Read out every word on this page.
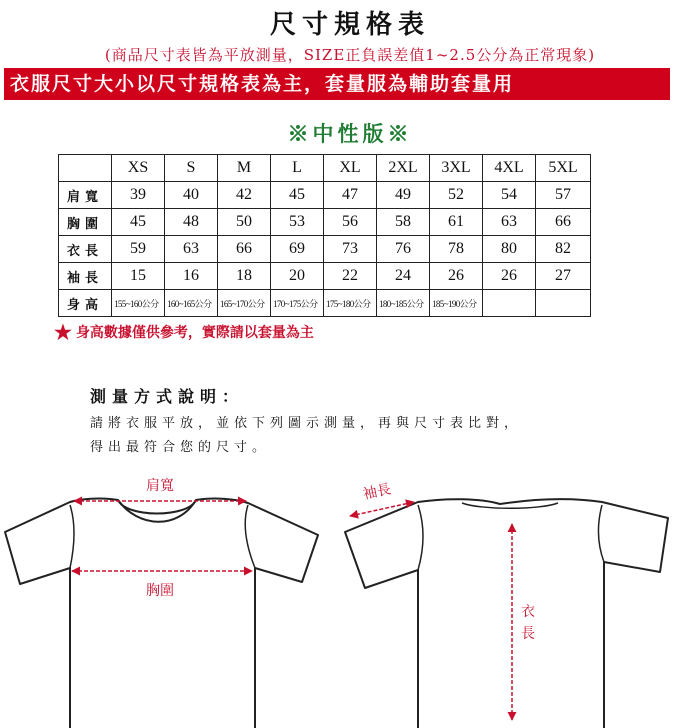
尺寸規格表
(商品尺寸表皆為平放測量，SIZE正負誤差值1~2.5公分為正常現象)
衣服尺寸大小以尺寸規格表為主，套量服為輔助套量用
※中性版※
	XS	S	M	L	XL	2XL	3XL	4XL	5XL
肩寬	39	40	42	45	47	49	52	54	57
胸圍	45	48	50	53	56	58	61	63	66
衣長	59	63	66	69	73	76	78	80	82
袖長	15	16	18	20	22	24	26	26	27
身高	155~160公分	160~165公分	165~170公分	170~175公分	175~180公分	180~185公分	185~190公分		
★ 身高數據僅供參考，實際請以套量為主
測量方式說明：
請將衣服平放，並依下列圖示測量，再與尺寸表比對，
得出最符合您的尺寸。
肩寬
胸圍
袖長
衣
長
